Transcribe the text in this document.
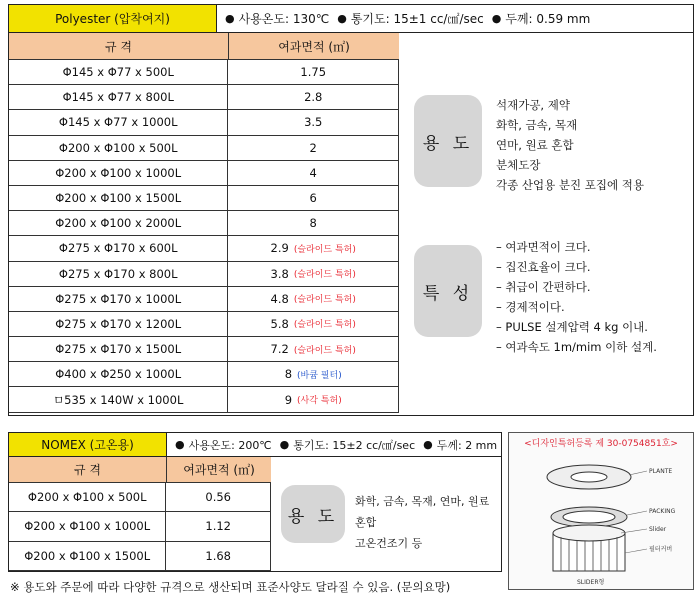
Polyester (압착여지)	● 사용온도: 130℃ ● 통기도: 15±1 cc/㎠/sec ● 두께: 0.59 mm
규 격	여과면적 (㎡)
Φ145 x Φ77 x 500L	1.75
Φ145 x Φ77 x 800L	2.8
Φ145 x Φ77 x 1000L	3.5
Φ200 x Φ100 x 500L	2
Φ200 x Φ100 x 1000L	4
Φ200 x Φ100 x 1500L	6
Φ200 x Φ100 x 2000L	8
Φ275 x Φ170 x 600L	2.9 (슬라이드 특허)
Φ275 x Φ170 x 800L	3.8 (슬라이드 특허)
Φ275 x Φ170 x 1000L	4.8 (슬라이드 특허)
Φ275 x Φ170 x 1200L	5.8 (슬라이드 특허)
Φ275 x Φ170 x 1500L	7.2 (슬라이드 특허)
Φ400 x Φ250 x 1000L	8 (바큠 필터)
ㅁ535 x 140W x 1000L	9 (사각 특허)
용 도
석재가공, 제약
화학, 금속, 목재
연마, 원료 혼합
분체도장
각종 산업용 분진 포집에 적용
특 성
– 여과면적이 크다.
– 집진효율이 크다.
– 취급이 간편하다.
– 경제적이다.
– PULSE 설계압력 4 kg 이내.
– 여과속도 1m/mim 이하 설계.
NOMEX (고온용)	● 사용온도: 200℃ ● 통기도: 15±2 cc/㎠/sec ● 두께: 2 mm
규 격	여과면적 (㎡)
Φ200 x Φ100 x 500L	0.56
Φ200 x Φ100 x 1000L	1.12
Φ200 x Φ100 x 1500L	1.68
용 도
화학, 금속, 목재, 연마, 원료 혼합
고온건조기 등
<디자인특허등록 제 30-0754851호>
PLANTE
PACKING
Slider
필터커버
SLIDER형
※ 용도와 주문에 따라 다양한 규격으로 생산되며 표준사양도 달라질 수 있음. (문의요망)
